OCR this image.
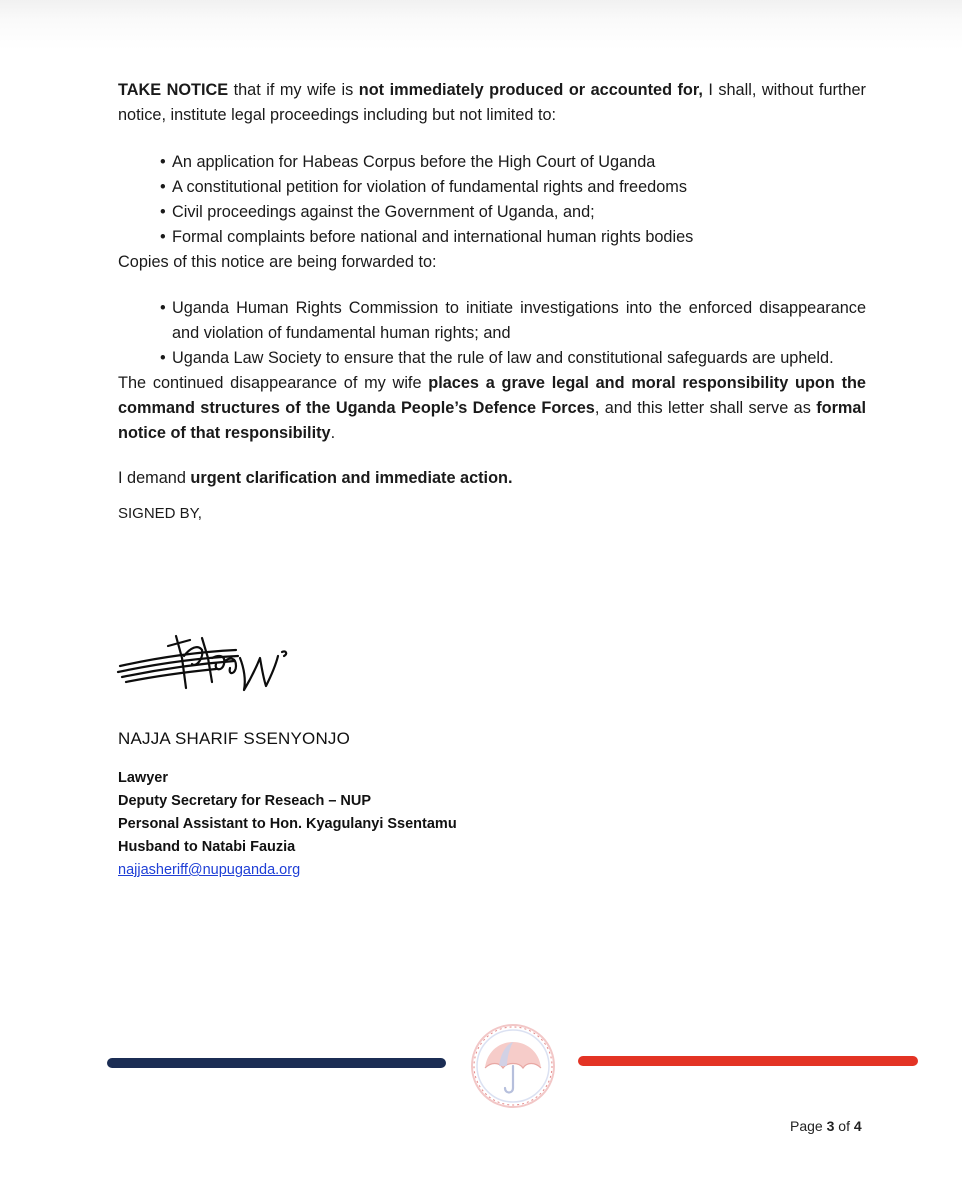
TAKE NOTICE that if my wife is not immediately produced or accounted for, I shall, without further notice, institute legal proceedings including but not limited to:

• An application for Habeas Corpus before the High Court of Uganda
• A constitutional petition for violation of fundamental rights and freedoms
• Civil proceedings against the Government of Uganda, and;
• Formal complaints before national and international human rights bodies

Copies of this notice are being forwarded to:

• Uganda Human Rights Commission to initiate investigations into the enforced disappearance and violation of fundamental human rights; and
• Uganda Law Society to ensure that the rule of law and constitutional safeguards are upheld.

The continued disappearance of my wife places a grave legal and moral responsibility upon the command structures of the Uganda People’s Defence Forces, and this letter shall serve as formal notice of that responsibility.

I demand urgent clarification and immediate action.

SIGNED BY,

NAJJA SHARIF SSENYONJO
Lawyer
Deputy Secretary for Reseach – NUP
Personal Assistant to Hon. Kyagulanyi Ssentamu
Husband to Natabi Fauzia
najjasheriff@nupuganda.org
Page 3 of 4
